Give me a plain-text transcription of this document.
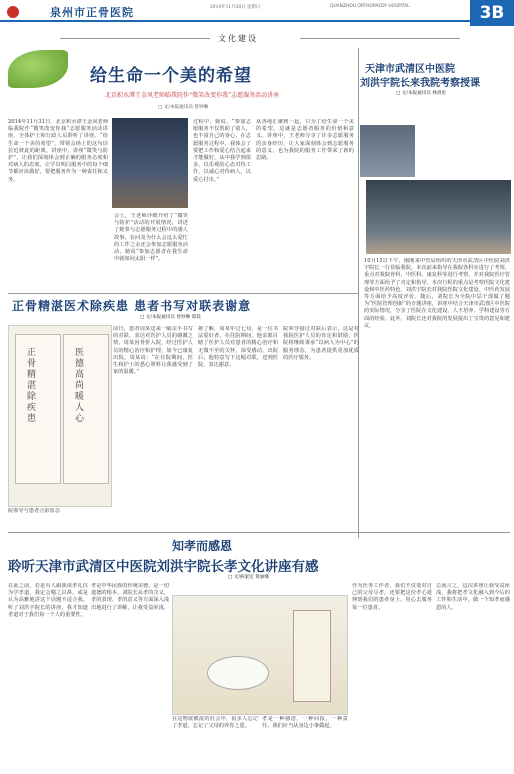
泉州市正骨医院	2014年11月30日 星期日	QUANZHOU ORTHOPAEDY HOSPITAL	3B
文化建设
给生命一个美的希望
北京积水潭王金凤老师临我院作“微笑改变你我”志愿服务活动讲座
□ 文/本报通讯员 曾妙琳
2014年11月31日，北京积水潭王金凤老师临我院作“微笑改变你我”志愿服务活动讲座。全体护士和行政人员聆听了讲座。“给生命一个美的希望”，带领会场上的这句话拉近彼此的距离。讲座中，讲座“微笑与防护”，让我们深刻体会到正确的服务态度和对病人的态度，让学员明白服务中的每个细节都应该做好，要把服务作为一种责任和义务。
会上，王老师详细介绍了“微笑与防护”活动的开展情况，讲述了她参与志愿服务过程中的感人故事，在问及为什么会这么爱忙的工作之余还会参加志愿服务活动，她说“参加志愿者在我生命中就如同太阳一样”。
过程中，她说，“参加志愿服务不仅帮助了别人，也丰富自己的身心，在志愿服务过程中，我体会了要把工作和爱心结合起来才能做好，从中我学到很多，以乐观的心态对待工作，以诚心对待病人，以爱心付出。”
从各地汇聚到一起，只为了给生命一个美的希望。这就是志愿者服务的价值和意义。讲座中，王老师分享了许多志愿服务的亲身经历，让大家深刻体会到志愿服务的意义，也为我院的服务工作带来了新的思路。
天津市武清区中医院
刘洪宇院长来我院考察授课
□ 文/本报通讯员 林晨星
10月15日下午，刚刚来中管局组织的天津市武清区中医院刘洪宇院长一行莅临我院。本次前来指导在我院各科室进行了考察，重点对我院骨科、中医科、康复科等进行考察，并对我院医疗管理等方面给予了肯定和指导。本次行程的重点是考察医院文化建设和中医药特色，刘洪宇院长对我院医院文化建设、中医药发展等方面给予高度评价。随后，刘院长为全院中层干部做了题为“医院管理创新”的专题讲座，讲座中结合天津市武清区中医院的实际情况，分享了医院在文化建设、人才培养、学科建设等方面的经验。此外，刘院长还对我院的发展提出了宝贵的意见和建议。
正骨精湛医术除疾患 患者书写对联表谢意
□ 文/本报通讯员 曾妙琳 郑琰
正骨精湛除疾患	医德高尚暖人心
院领导与患者合影留念
前日，患者周某送来一幅亲手书写的对联，表达对医护人员的感激之情。周某因骨折入院，经过医护人员的精心治疗和护理，如今已康复出院。周某说：“在住院期间，医生和护士的悉心照料让我感受到了家的温暖。”
据了解，周某年过七旬，是一位书法爱好者。在住院期间，他亲眼目睹了医护人员对患者的精心治疗和无微不至的关怀，深受感动。出院后，他特意写下这幅对联，送到医院，表达谢意。
院领导接过对联后表示，这是对我院医护人员的肯定和鼓励，医院将继续秉承“以病人为中心”的服务理念，为患者提供更加优质的医疗服务。
知孝而感恩
聆听天津市武清区中医院刘洪宇院长孝文化讲座有感
□ 文/病案室 黄丽娜
在此之前，若是有人跟我谈孝礼仪为学孝道，我定会嗤之以鼻。或是认为高雅地讲这个话题不适合我。听了刘洪宇院长的讲座，我才知道孝道对于我们每一个人的重要性。
孝是中华民族的传统美德，是一切道德的根本。刘院长从孝的含义、孝的表现、孝的意义等方面深入浅出地进行了讲解，让我受益匪浅。
在这物欲横流的社会中，很多人忘记了孝道，忘记了父母的养育之恩。
孝是一种感恩，一种回报，一种责任。我们应当从身边小事做起。
作为医务工作者，我们不仅要对自己的父母尽孝，还要把这份孝心延伸到我们的患者身上，用心去服务每一位患者。
总而言之，这次讲座让我受益匪浅，我将把孝文化融入到今后的工作和生活中，做一个知孝而感恩的人。
